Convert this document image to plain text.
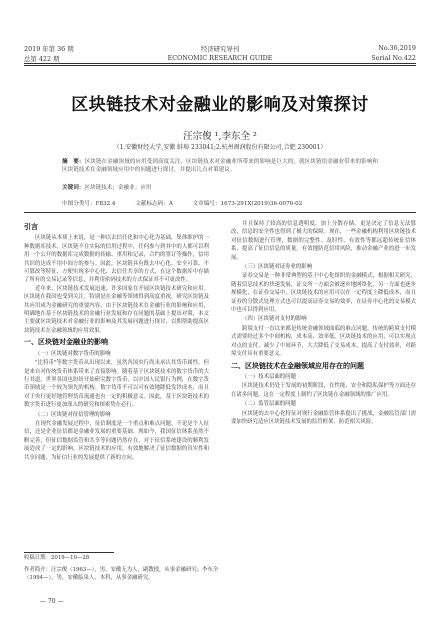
2019 年第 36 期	经济研究导刊	No.36,2019
总第 422 期	ECONOMIC RESEARCH GUIDE	Serial No.422
区块链技术对金融业的影响及对策探讨
汪宗俊 ¹,李东全 ²
（1.安徽财经大学,安徽 蚌埠 233041;2.杭州闽润股份有限公司,合肥 230001）
摘　要：区块链在金融领域的应用受到高度关注，区块链技术对金融业所带来的影响是巨大的，就区块链给金融业带来的影响和区块链技术在金融领域应用中的问题进行探讨，并提出几点对策建议。
关键词：区块链技术；金融业；应用
中图分类号：F832.4	文献标志码：A	文章编号：1673-291X(2019)36-0070-02
引言

区块链从本质上来说，是一种以去信任化和中心化为基础，集体维护的一种数据库技术。区块链不在实际的信用过程中，任何参与到其中的人都可以利用一个公开的数据库完成数据的传输、重用和记录，合约的签订等操作，信用共识的达成不用中间方的参与。因此，区块链具有既去中心化、安全可靠、不可篡改等特征，方便实现多中心化、去信任共享的方式，在这个数据库中存储了所有的交易记录等信息，并利用密码技术的方式保证其不可更改性。

近年来，区块链技术发展迅速，许多国家在开展区块链技术研究和应用。区块链在我国也受到关注，特别是在金融等领域得到高度重视，研究区块链及其应用成为金融研究的重要内容。由于区块链技术在金融行业的影响和应用，明确地在基于区块链技术的金融行业发展和存在问题的基础上提出对策，本文主要就区块链技术对金融行业的影响及其发展问题进行探讨，以期帮助提高区块链技术在金融领域的应用效果。

一、区块链对金融业的影响
（一）区块链对数字货币的影响

"比特币"等数字货币从出现以来，虽然各国央行尚未承认其货币属性，但是来自对传统货币体系带来了直接影响。随着基于区块链技术的数字货币的大行其道，世界各国也纷纷开始研究数字货币，以中国人民银行为例，在数字货币领域是一个较为领先的机构。数字货币不可以可有效地降低发钞成本，而且对于央行更好地管理货币流通也有一定的积极意义。因此，基于区块链技术的数字货币进行更加深入的研究和探索势在必行。

（二）区块链对征信管理的影响

在现代金融发展过程中，征信制度是一个重点和难点问题，不论是个人征信，还是企业征信都是金融业发展的重要基础。现如今，我国征信体系虽然不断完善，但征信数据监管和共享等问题仍然存在，对于征信系统建设的顺利发展造成了一定的影响。区块链技术的应用，有效地解决了征信数据的真实性和共享问题，为征信行业的发展提供了新的方向。

并且保持了较高的信息透明度，加上分散存储，更是决定了信息无法篡改，信息的安全性也得到了极大的保障。现在，一些金融机构利用区块链技术对征信数据进行管理，数据的完整性、及时性、有效性等都远超传统征信体系，提高了征信信息的质量，有效地防范信用风险，推动金融产业的进一步发展。

（三）区块链对证券业的影响

证券交易是一种非常典型的基于中心化组织的金融模式，根据相关研究，随着信息技术的快速发展，证交所一方面会被逐步地网络化，另一方面也逐步规模化，在证券交易中，区块链技术的应用可以在一定程度上降低成本，而且证券的分散式处理方式也可以提高证券交易的效率，在证券中心化的交易模式中也可以得到应用。

（四）区块链对支付的影响

跨境支付一直以来都是传统金融领域面临的难点问题。传统的跨境支付模式需要经过多个中间机构，成本高、效率低。区块链技术的应用，可以实现点对点的支付，减少了中间环节，大大降低了交易成本，提高了支付效率，对跨境支付具有重要意义。

二、区块链技术在金融领域应用存在的问题
（一）技术层面的问题

区块链技术仍处于发展的初期阶段，在性能、安全和隐私保护等方面还存在诸多问题，这在一定程度上制约了区块链在金融领域的推广应用。

（二）监管层面的问题

区块链的去中心化特征对现行金融监管体系提出了挑战，金融监管部门需要加快研究适应区块链技术发展的监管框架，防范相关风险。

收稿日期：2019—10—28
作者简介：汪宗俊（1963—），男，安徽无为人，副教授，从事金融研究；李东全（1994—），男，安徽临泉人，本科，从事金融研究。
— 70 —
